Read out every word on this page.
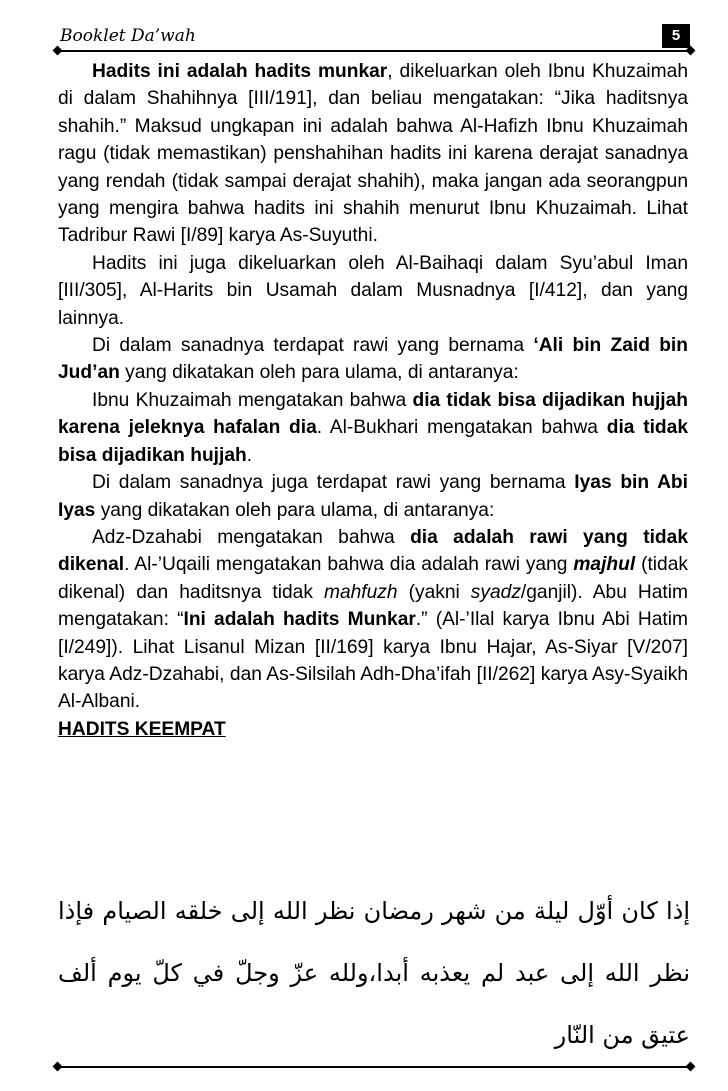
Booklet Da’wah	5

Hadits ini adalah hadits munkar, dikeluarkan oleh Ibnu Khuzaimah di dalam Shahihnya [III/191], dan beliau mengatakan: “Jika haditsnya shahih.” Maksud ungkapan ini adalah bahwa Al-Hafizh Ibnu Khuzaimah ragu (tidak memastikan) penshahihan hadits ini karena derajat sanadnya yang rendah (tidak sampai derajat shahih), maka jangan ada seorangpun yang mengira bahwa hadits ini shahih menurut Ibnu Khuzaimah. Lihat Tadribur Rawi [I/89] karya As-Suyuthi.

Hadits ini juga dikeluarkan oleh Al-Baihaqi dalam Syu’abul Iman [III/305], Al-Harits bin Usamah dalam Musnadnya [I/412], dan yang lainnya.

Di dalam sanadnya terdapat rawi yang bernama ‘Ali bin Zaid bin Jud’an yang dikatakan oleh para ulama, di antaranya:

Ibnu Khuzaimah mengatakan bahwa dia tidak bisa dijadikan hujjah karena jeleknya hafalan dia. Al-Bukhari mengatakan bahwa dia tidak bisa dijadikan hujjah.

Di dalam sanadnya juga terdapat rawi yang bernama Iyas bin Abi Iyas yang dikatakan oleh para ulama, di antaranya:

Adz-Dzahabi mengatakan bahwa dia adalah rawi yang tidak dikenal. Al-’Uqaili mengatakan bahwa dia adalah rawi yang majhul (tidak dikenal) dan haditsnya tidak mahfuzh (yakni syadz/ganjil). Abu Hatim mengatakan: “Ini adalah hadits Munkar.” (Al-’Ilal karya Ibnu Abi Hatim [I/249]). Lihat Lisanul Mizan [II/169] karya Ibnu Hajar, As-Siyar [V/207] karya Adz-Dzahabi, dan As-Silsilah Adh-Dha’ifah [II/262] karya Asy-Syaikh Al-Albani.

HADITS KEEMPAT
إذا كان أوّل ليلة من شهر رمضان نظر الله إلى خلقه الصيام فإذا نظر الله إلى عبد لم يعذبه أبدا،ولله عزّ وجلّ في كلّ يوم ألف عتيق من النّار
